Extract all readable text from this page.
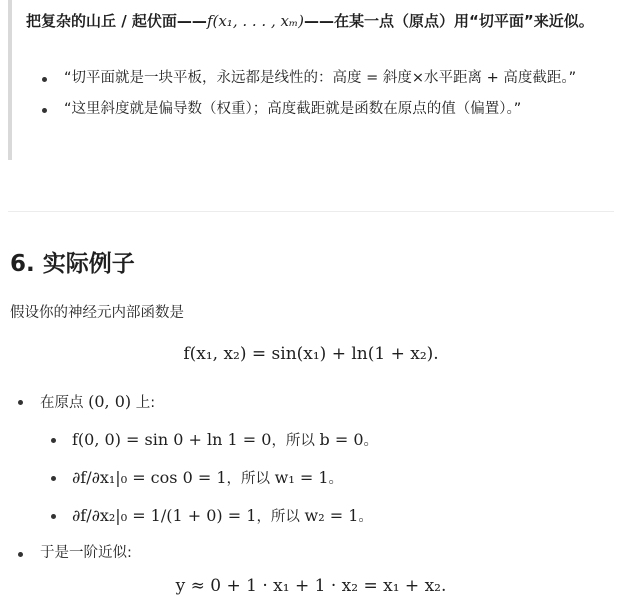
把复杂的山丘 / 起伏面——f(x₁, . . . , xₘ)——在某一点（原点）用“切平面”来近似。
“切平面就是一块平板，永远都是线性的：高度 = 斜度×水平距离 + 高度截距。”
“这里斜度就是偏导数（权重）；高度截距就是函数在原点的值（偏置）。”
6. 实际例子
假设你的神经元内部函数是
f(x₁, x₂) = sin(x₁) + ln(1 + x₂).
在原点 (0, 0) 上:
f(0, 0) = sin 0 + ln 1 = 0，所以 b = 0。
∂f/∂x₁|₀ = cos 0 = 1，所以 w₁ = 1。
∂f/∂x₂|₀ = 1/(1 + 0) = 1，所以 w₂ = 1。
于是一阶近似:
y ≈ 0 + 1 · x₁ + 1 · x₂ = x₁ + x₂.
